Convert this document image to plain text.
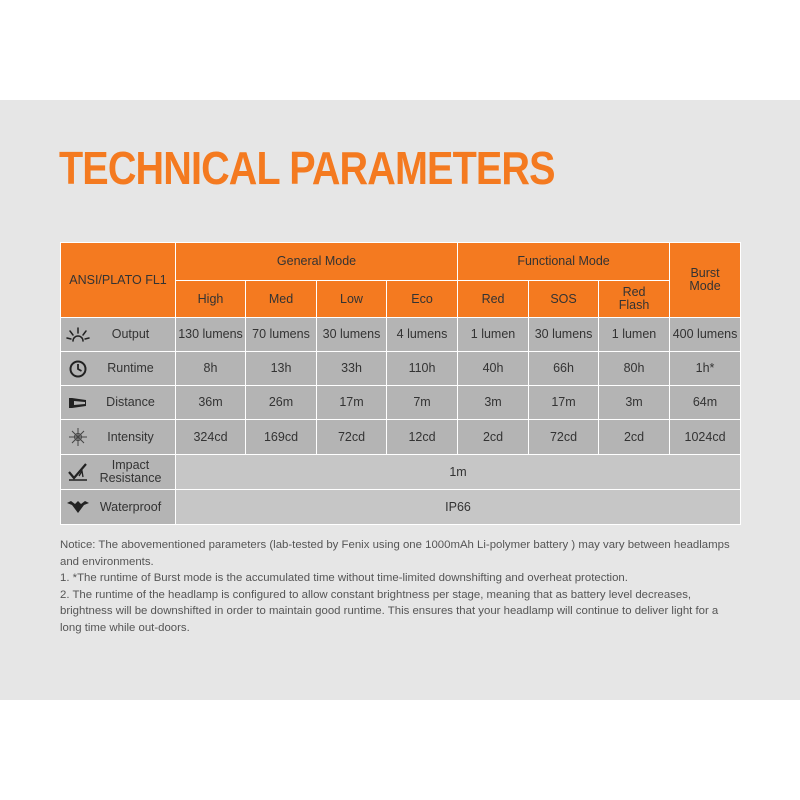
TECHNICAL PARAMETERS
ANSI/PLATO FL1	General Mode				Functional Mode			Burst Mode
	High	Med	Low	Eco	Red	SOS	Red Flash	

Output	130 lumens	70 lumens	30 lumens	4 lumens	1 lumen	30 lumens	1 lumen	400 lumens

Runtime	8h	13h	33h	110h	40h	66h	80h	1h*

Distance	36m	26m	17m	7m	3m	17m	3m	64m

Intensity	324cd	169cd	72cd	12cd	2cd	72cd	2cd	1024cd

Impact Resistance	1m							

Waterproof	IP66							

Notice: The abovementioned parameters (lab-tested by Fenix using one 1000mAh Li-polymer battery ) may vary between headlamps and environments.

1. *The runtime of Burst mode is the accumulated time without time-limited downshifting and overheat protection.

2. The runtime of the headlamp is configured to allow constant brightness per stage, meaning that as battery level decreases, brightness will be downshifted in order to maintain good runtime. This ensures that your headlamp will continue to deliver light for a long time while out-doors.
